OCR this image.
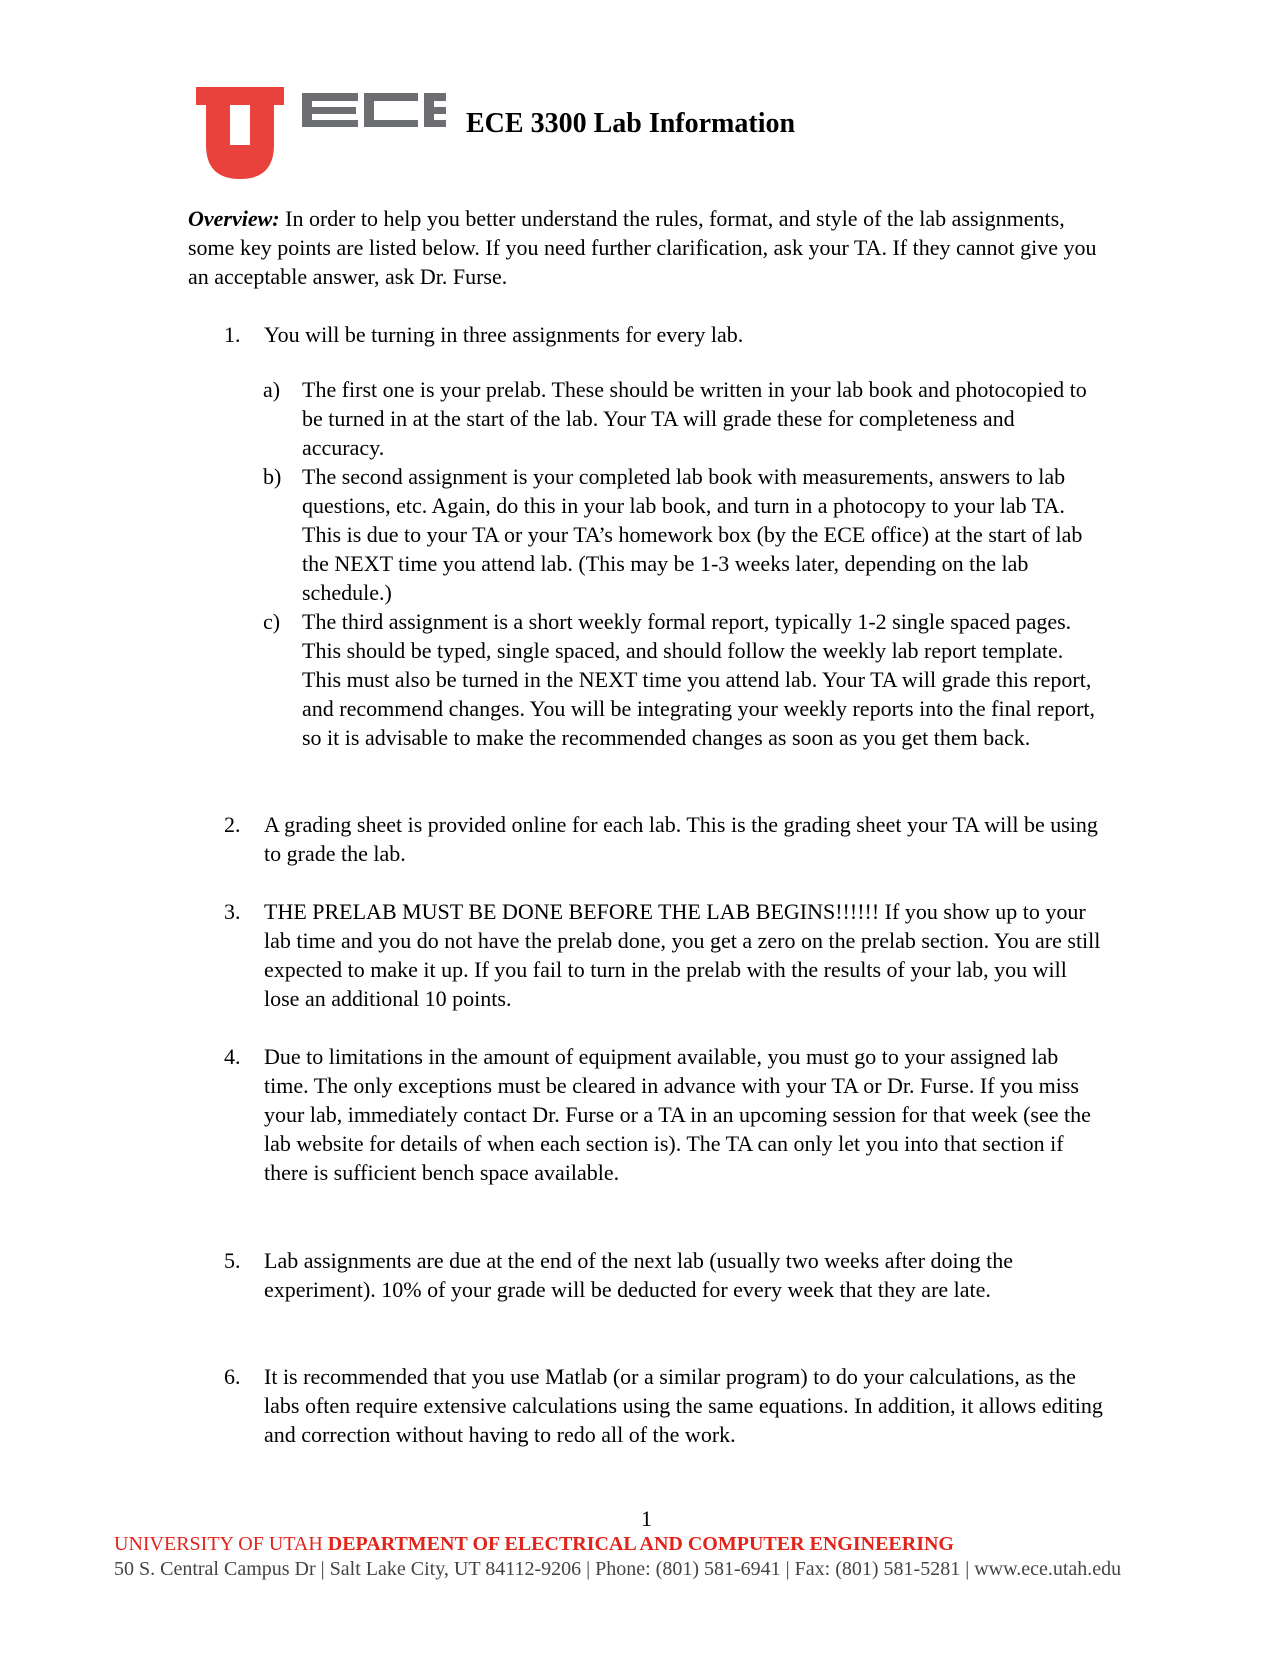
ECE 3300 Lab Information
Overview: In order to help you better understand the rules, format, and style of the lab assignments, some key points are listed below. If you need further clarification, ask your TA. If they cannot give you an acceptable answer, ask Dr. Furse.
1. You will be turning in three assignments for every lab.
a) The first one is your prelab. These should be written in your lab book and photocopied to be turned in at the start of the lab. Your TA will grade these for completeness and accuracy.
b) The second assignment is your completed lab book with measurements, answers to lab questions, etc. Again, do this in your lab book, and turn in a photocopy to your lab TA. This is due to your TA or your TA’s homework box (by the ECE office) at the start of lab the NEXT time you attend lab. (This may be 1-3 weeks later, depending on the lab schedule.)
c) The third assignment is a short weekly formal report, typically 1-2 single spaced pages. This should be typed, single spaced, and should follow the weekly lab report template. This must also be turned in the NEXT time you attend lab. Your TA will grade this report, and recommend changes. You will be integrating your weekly reports into the final report, so it is advisable to make the recommended changes as soon as you get them back.
2. A grading sheet is provided online for each lab. This is the grading sheet your TA will be using to grade the lab.
3. THE PRELAB MUST BE DONE BEFORE THE LAB BEGINS!!!!!! If you show up to your lab time and you do not have the prelab done, you get a zero on the prelab section. You are still expected to make it up. If you fail to turn in the prelab with the results of your lab, you will lose an additional 10 points.
4. Due to limitations in the amount of equipment available, you must go to your assigned lab time. The only exceptions must be cleared in advance with your TA or Dr. Furse. If you miss your lab, immediately contact Dr. Furse or a TA in an upcoming session for that week (see the lab website for details of when each section is). The TA can only let you into that section if there is sufficient bench space available.
5. Lab assignments are due at the end of the next lab (usually two weeks after doing the experiment). 10% of your grade will be deducted for every week that they are late.
6. It is recommended that you use Matlab (or a similar program) to do your calculations, as the labs often require extensive calculations using the same equations. In addition, it allows editing and correction without having to redo all of the work.
1
UNIVERSITY OF UTAH DEPARTMENT OF ELECTRICAL AND COMPUTER ENGINEERING
50 S. Central Campus Dr | Salt Lake City, UT 84112-9206 | Phone: (801) 581-6941 | Fax: (801) 581-5281 | www.ece.utah.edu
